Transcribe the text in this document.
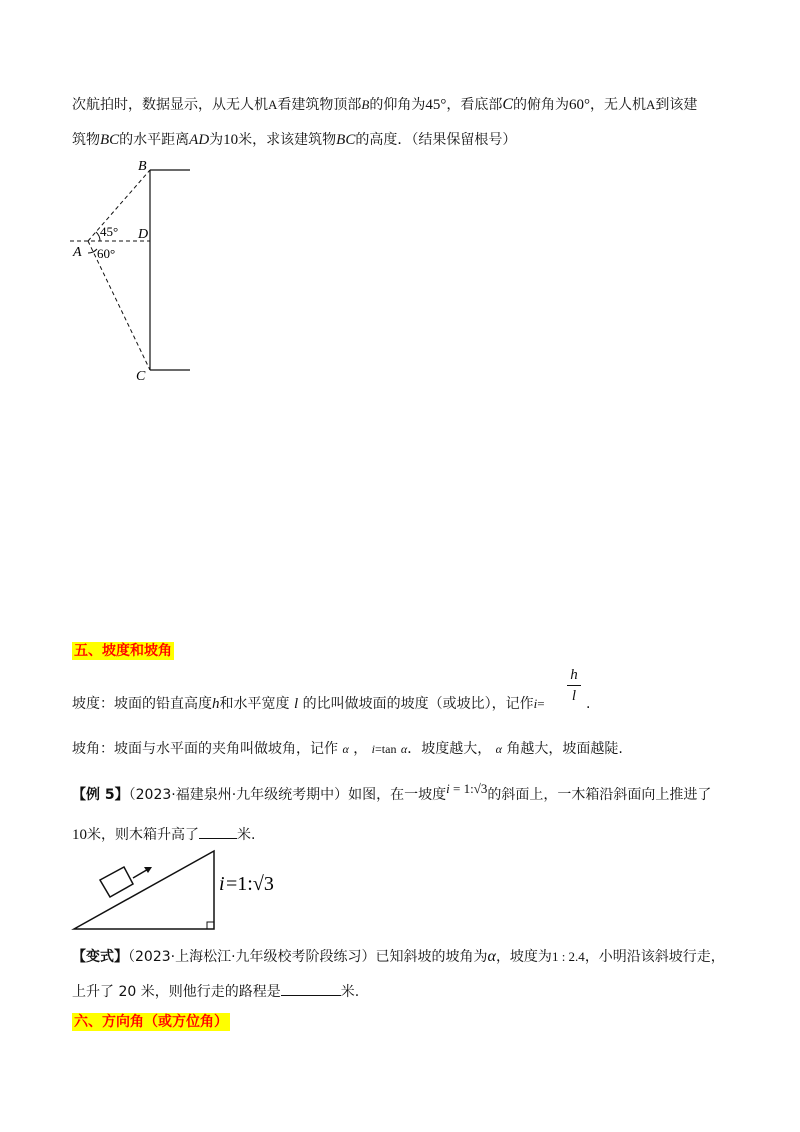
次航拍时，数据显示，从无人机A看建筑物顶部B的仰角为45°，看底部C的俯角为60°，无人机A到该建
筑物BC的水平距离AD为10米，求该建筑物BC的高度．（结果保留根号）
B
D
A
C
45°
60°
五、坡度和坡角
坡度：坡面的铅直高度h和水平宽度 l 的比叫做坡面的坡度（或坡比），记作i=
h
l .
坡角：坡面与水平面的夹角叫做坡角，记作 α ， i=tan α．坡度越大， α 角越大，坡面越陡.
【例 5】（2023·福建泉州·九年级统考期中）如图，在一坡度i = 1:√3的斜面上，一木箱沿斜面向上推进了
10米，则木箱升高了	米.
i =1:√3
【变式】（2023·上海松江·九年级校考阶段练习）已知斜坡的坡角为α，坡度为1 : 2.4，小明沿该斜坡行走，
上升了 20 米，则他行走的路程是	米.
六、方向角（或方位角）
